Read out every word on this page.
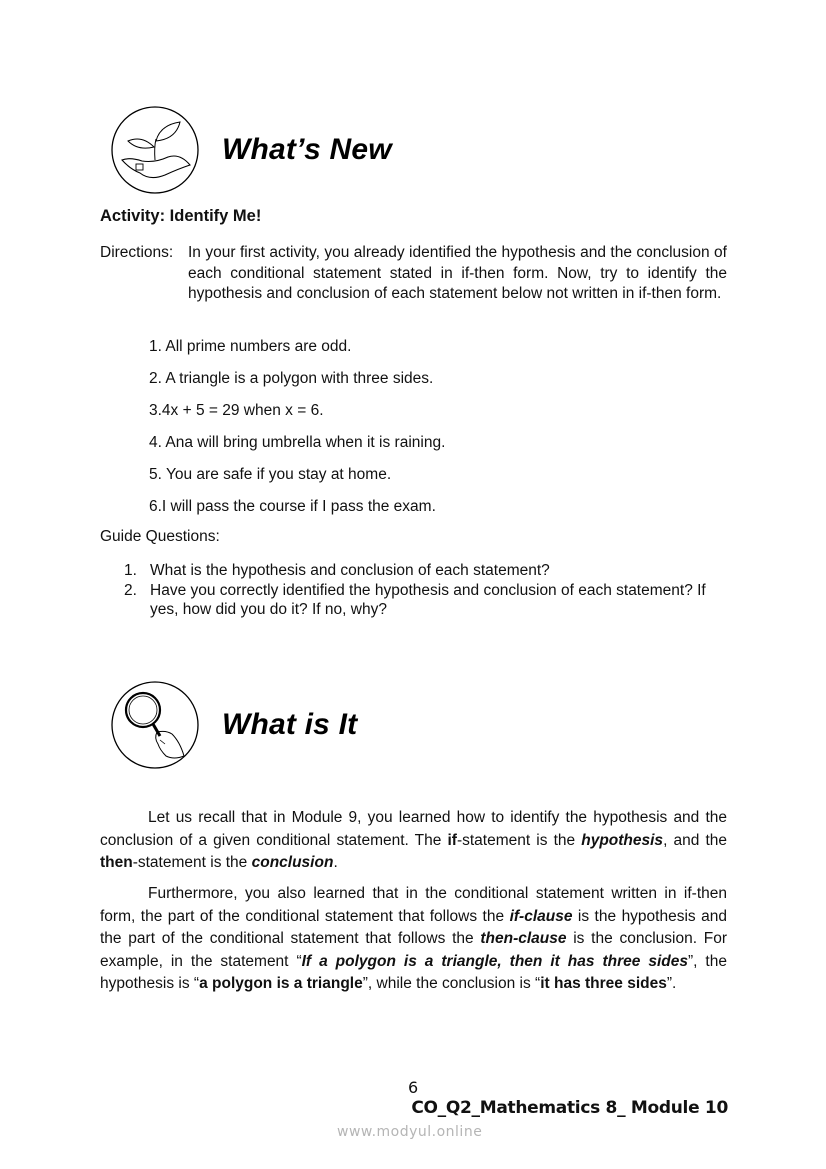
What’s New
Activity: Identify Me!
Directions: In your first activity, you already identified the hypothesis and the conclusion of each conditional statement stated in if-then form. Now, try to identify the hypothesis and conclusion of each statement below not written in if-then form.
1. All prime numbers are odd.
2. A triangle is a polygon with three sides.
3.4x + 5 = 29 when x = 6.
4. Ana will bring umbrella when it is raining.
5. You are safe if you stay at home.
6.I will pass the course if I pass the exam.
Guide Questions:
1. What is the hypothesis and conclusion of each statement?
2. Have you correctly identified the hypothesis and conclusion of each statement? If yes, how did you do it? If no, why?
What is It
Let us recall that in Module 9, you learned how to identify the hypothesis and the conclusion of a given conditional statement. The if-statement is the hypothesis, and the then-statement is the conclusion.
Furthermore, you also learned that in the conditional statement written in if-then form, the part of the conditional statement that follows the if-clause is the hypothesis and the part of the conditional statement that follows the then-clause is the conclusion. For example, in the statement “If a polygon is a triangle, then it has three sides”, the hypothesis is “a polygon is a triangle”, while the conclusion is “it has three sides”.
6
CO_Q2_Mathematics 8_ Module 10
www.modyul.online
